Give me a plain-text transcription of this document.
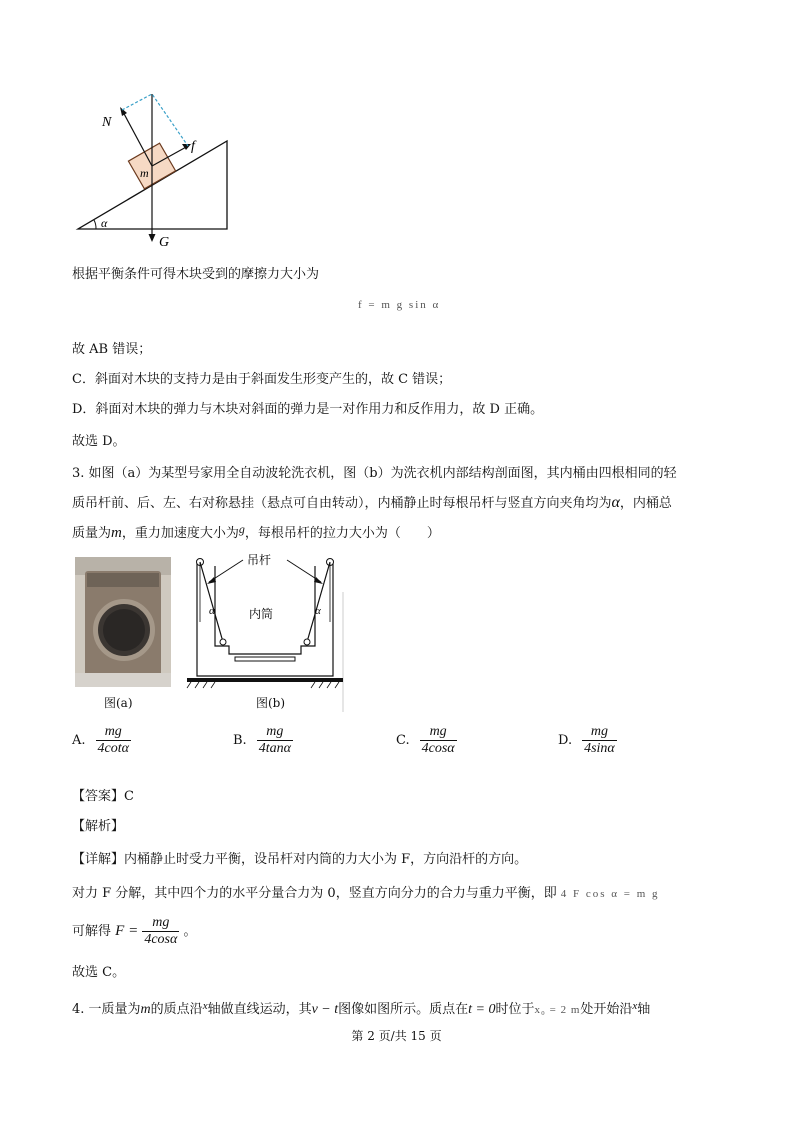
N
f
m
α
G
根据平衡条件可得木块受到的摩擦力大小为
f = m g sin α
故 AB 错误；
C．斜面对木块的支持力是由于斜面发生形变产生的，故 C 错误；
D．斜面对木块的弹力与木块对斜面的弹力是一对作用力和反作用力，故 D 正确。
故选 D。
3. 如图（a）为某型号家用全自动波轮洗衣机，图（b）为洗衣机内部结构剖面图，其内桶由四根相同的轻
质吊杆前、后、左、右对称悬挂（悬点可自由转动），内桶静止时每根吊杆与竖直方向夹角均为α，内桶总
质量为m，重力加速度大小为g，每根吊杆的拉力大小为（　　）
图(a)
吊杆
内筒
α	α
图(b)
A. $\frac{mg}{4\cot\alpha}$	B. $\frac{mg}{4\tan\alpha}$	C. $\frac{mg}{4\cos\alpha}$	D. $\frac{mg}{4\sin\alpha}$
【答案】C
【解析】
【详解】内桶静止时受力平衡，设吊杆对内筒的力大小为 F，方向沿杆的方向。
对力 F 分解，其中四个力的水平分量合力为 0，竖直方向分力的合力与重力平衡，即 4 F cos α = m g
可解得 $F = \frac{mg}{4\cos\alpha}$ 。
故选 C。
4. 一质量为m的质点沿$^x$轴做直线运动，其v − t图像如图所示。质点在t = 0时位于x₀ = 2 m处开始沿$^x$轴
第 2 页/共 15 页
